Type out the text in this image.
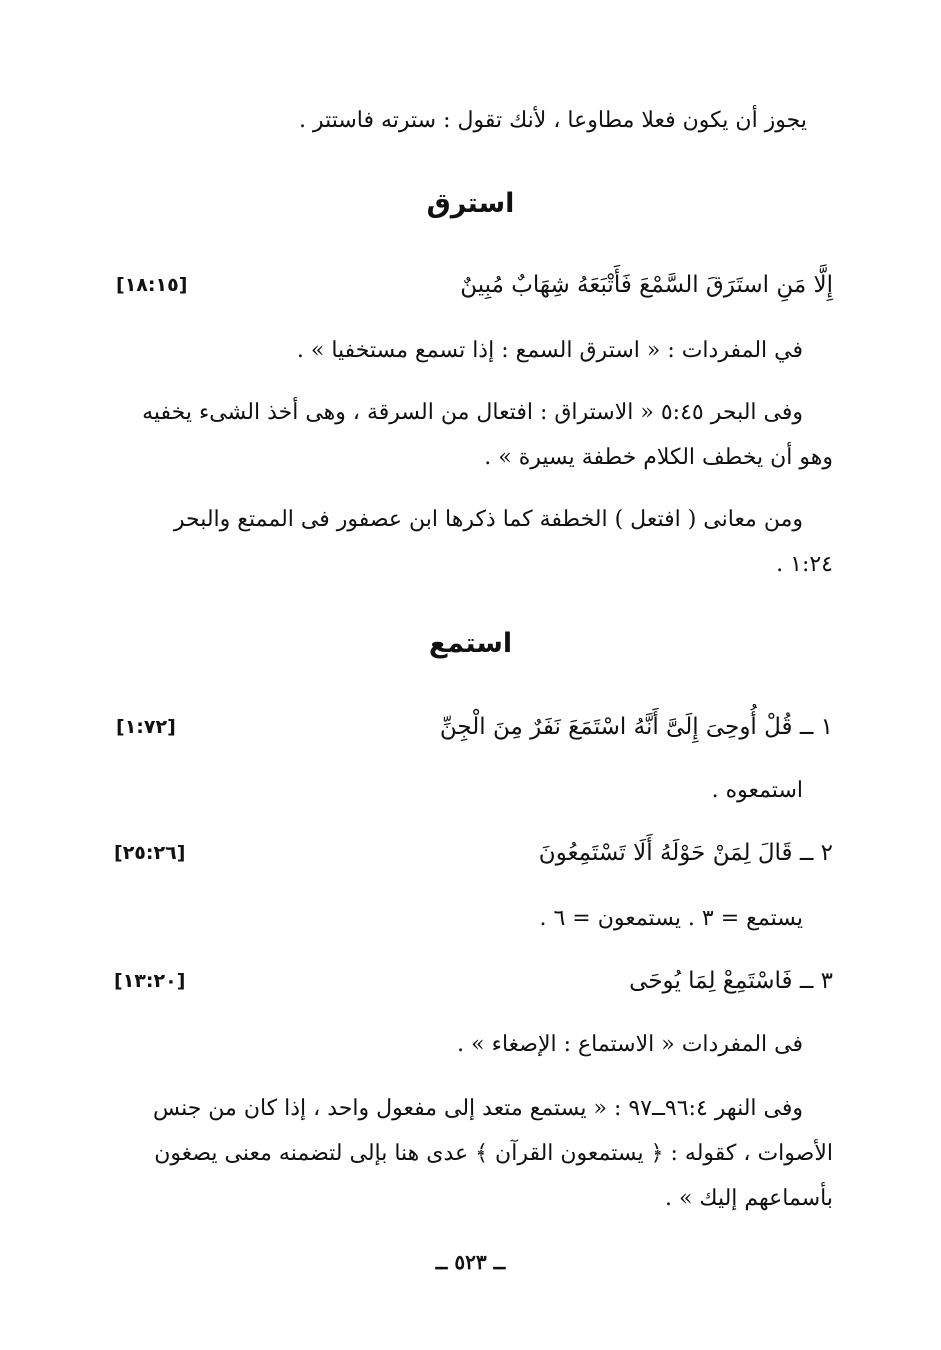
يجوز أن يكون فعلا مطاوعا ، لأنك تقول : سترته فاستتر .
استرق
إِلَّا مَنِ استَرَقَ السَّمْعَ فَأَتْبَعَهُ شِهَابٌ مُبِينٌ
[١٨:١٥]
في المفردات : « استرق السمع : إذا تسمع مستخفيا » .
وفى البحر ٥:٤٥ « الاستراق : افتعال من السرقة ، وهى أخذ الشىء يخفيه
وهو أن يخطف الكلام خطفة يسيرة » .
ومن معانى ( افتعل ) الخطفة كما ذكرها ابن عصفور فى الممتع والبحر
١:٢٤ .
استمع
١ ــ قُلْ أُوحِىَ إِلَىَّ أَنَّهُ اسْتَمَعَ نَفَرٌ مِنَ الْجِنِّ
[١:٧٢]
استمعوه .
٢ ــ قَالَ لِمَنْ حَوْلَهُ أَلَا تَسْتَمِعُونَ
[٢٥:٢٦]
يستمع = ٣ . يستمعون = ٦ .
٣ ــ فَاسْتَمِعْ لِمَا يُوحَى
[١٣:٢٠]
فى المفردات « الاستماع : الإصغاء » .
وفى النهر ٩٦:٤ــ٩٧ : « يستمع متعد إلى مفعول واحد ، إذا كان من جنس
الأصوات ، كقوله : ﴿ يستمعون القرآن ﴾ عدى هنا بإلى لتضمنه معنى يصغون
بأسماعهم إليك » .
ــ ٥٢٣ ــ
